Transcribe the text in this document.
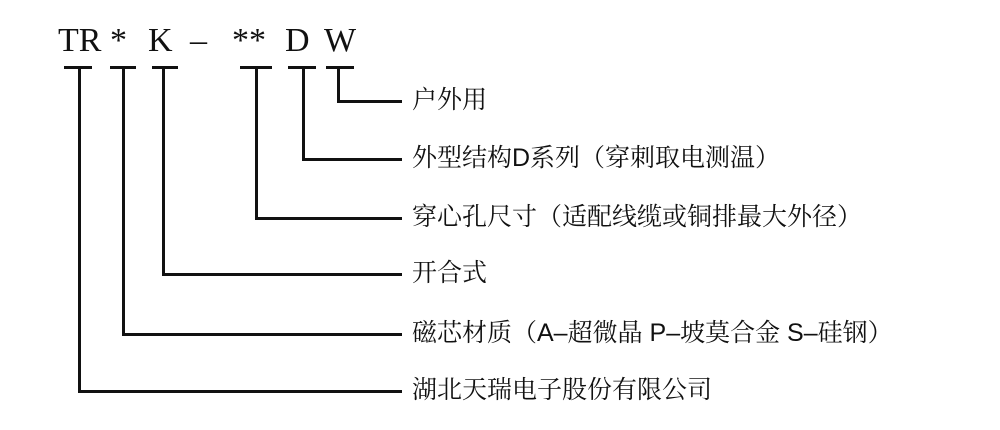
TR * K – ** D W
户外用
外型结构D系列（穿刺取电测温）
穿心孔尺寸（适配线缆或铜排最大外径）
开合式
磁芯材质（A–超微晶 P–坡莫合金 S–硅钢）
湖北天瑞电子股份有限公司
